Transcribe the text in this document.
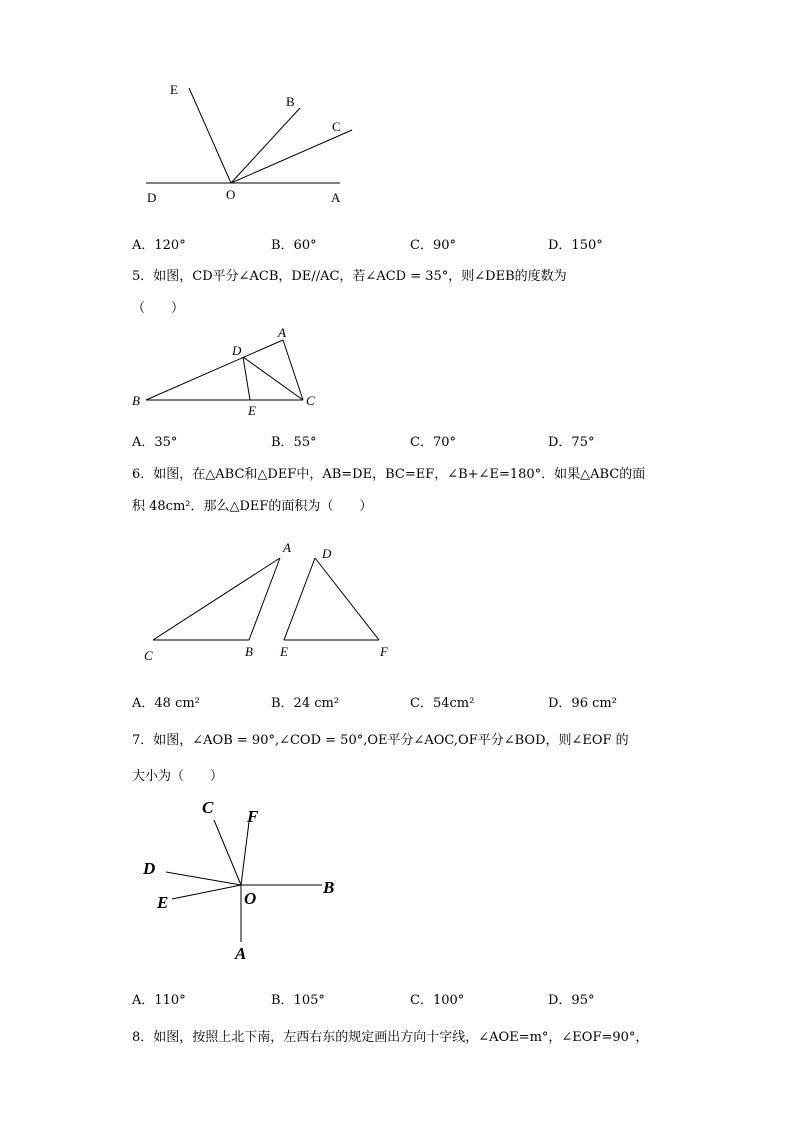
E
B
C
D	O	A
A．120°	B．60°	C．90°	D．150°
5．如图，CD平分∠ACB，DE//AC，若∠ACD = 35°，则∠DEB的度数为
（　　）
A
D
B
E
C
A．35°	B．55°	C．70°	D．75°
6．如图，在△ABC和△DEF中，AB=DE，BC=EF，∠B+∠E=180°．如果△ABC的面
积 48cm²．那么△DEF的面积为（　　）
A D
C	B E	F
A．48 cm²	B．24 cm²	C．54cm²	D．96 cm²
7．如图，∠AOB = 90°,∠COD = 50°,OE平分∠AOC,OF平分∠BOD，则∠EOF 的
大小为（　　）
C F
D
B
E	O
A
A．110°	B．105°	C．100°	D．95°
8．如图，按照上北下南，左西右东的规定画出方向十字线，∠AOE=m°，∠EOF=90°，
